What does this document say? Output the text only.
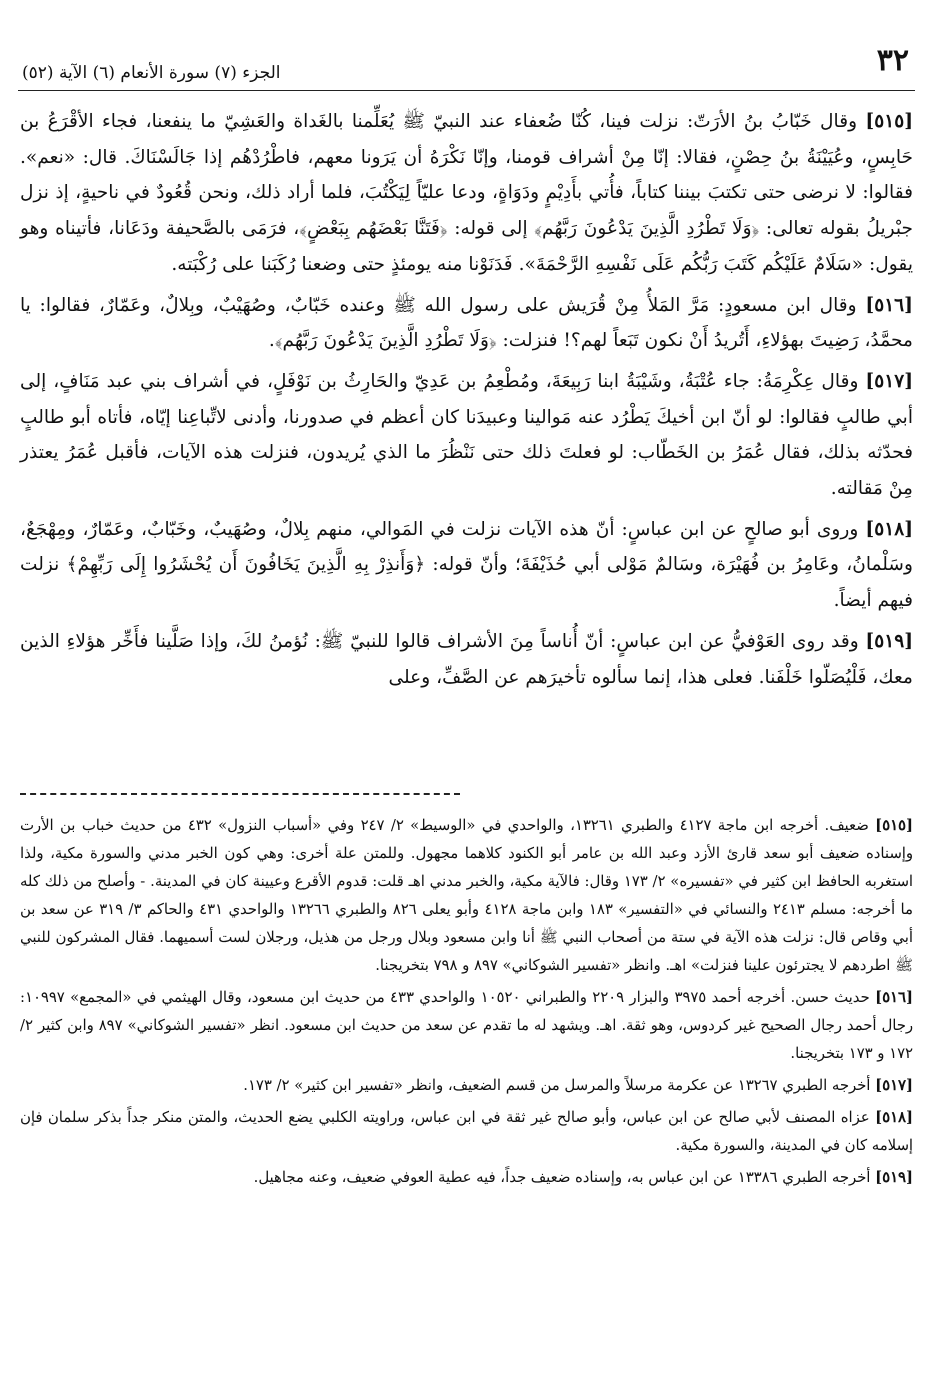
٣٢
الجزء (٧) سورة الأنعام (٦) الآية (٥٢)

[٥١٥] وقال خَبّابُ بنُ الأرَتّ: نزلت فينا، كُنّا ضُعفاء عند النبيّ ﷺ يُعَلِّمنا بالغَداة والعَشِيّ ما ينفعنا، فجاء الأقْرَعُ بن حَابِسٍ، وعُيَيْنَةُ بنُ حِصْنٍ، فقالا: إنّا مِنْ أشراف قومنا، وإنّا نَكْرَهُ أن يَرَونا معهم، فاطْرُدْهُم إذا جَالَسْنَاكَ. قال: «نعم». فقالوا: لا نرضى حتى تكتبَ بيننا كتاباً، فأُتي بأَدِيْمٍ ودَوَاةٍ، ودعا عليّاً لِيَكْتُبَ، فلما أراد ذلك، ونحن قُعُودٌ في ناحيةٍ، إذ نزل جبْريلُ بقوله تعالى: ﴿وَلَا تَطْرُدِ الَّذِينَ يَدْعُونَ رَبَّهُم﴾ إلى قوله: ﴿فَتَنَّا بَعْضَهُم بِبَعْضٍ﴾، فرَمَى بالصَّحيفة ودَعَانا، فأتيناه وهو يقول: «سَلَامٌ عَلَيْكُم كَتَبَ رَبُّكُم عَلَى نَفْسِهِ الرَّحْمَةَ». فَدَنَوْنا منه يومئذٍ حتى وضعنا رُكَبَنا على رُكْبَته.

[٥١٦] وقال ابن مسعودٍ: مَرَّ المَلأُ مِنْ قُرَيش على رسول الله ﷺ وعنده خَبّابٌ، وصُهَيْبٌ، وبِلالٌ، وعَمّارٌ، فقالوا: يا محمَّدُ، رَضِيتَ بهؤلاءِ، أَتُريدُ أَنْ نكون تَبَعاً لهم؟! فنزلت: ﴿وَلَا تَطْرُدِ الَّذِينَ يَدْعُونَ رَبَّهُم﴾.

[٥١٧] وقال عِكْرِمَةُ: جاء عُتْبَةُ، وشَيْبَةُ ابنا رَبِيعَةَ، ومُطْعِمُ بن عَدِيّ والحَارِثُ بن نَوْفَلٍ، في أشراف بني عبد مَنَافٍ، إلى أبي طالبٍ فقالوا: لو أنّ ابن أخيكَ يَطْرُد عنه مَوالينا وعبيدَنا كان أعظم في صدورنا، وأدنى لاتِّباعِنا إيّاه، فأتاه أبو طالبٍ فحدّثه بذلك، فقال عُمَرُ بن الخَطّاب: لو فعلتَ ذلك حتى نَنْظُرَ ما الذي يُريدون، فنزلت هذه الآيات، فأقبل عُمَرُ يعتذر مِنْ مَقالته.

[٥١٨] وروى أبو صالحٍ عن ابن عباسٍ: أنّ هذه الآيات نزلت في المَوالي، منهم بِلالٌ، وصُهَيبٌ، وخَبّابٌ، وعَمّارٌ، ومِهْجَعٌ، وسَلْمانُ، وعَامِرُ بن فُهَيْرَة، وسَالمٌ مَوْلى أبي حُذَيْفَةَ؛ وأنّ قوله: ﴿وَأَنذِرْ بِهِ الَّذِينَ يَخَافُونَ أَن يُحْشَرُوا إِلَى رَبِّهِمْ﴾ نزلت فيهم أيضاً.

[٥١٩] وقد روى العَوْفيُّ عن ابن عباسٍ: أنّ أُناساً مِنَ الأشراف قالوا للنبيّ ﷺ: نُؤمنُ لكَ، وإذا صَلَّينا فأَخِّر هؤلاءِ الذين معك، فَلْيُصَلّوا خَلْفَنا. فعلى هذا، إنما سألوه تأخيرَهم عن الصَّفِّ، وعلى

[٥١٥] ضعيف. أخرجه ابن ماجة ٤١٢٧ والطبري ١٣٢٦١، والواحدي في «الوسيط» ٢/ ٢٤٧ وفي «أسباب النزول» ٤٣٢ من حديث خباب بن الأرت وإسناده ضعيف أبو سعد قارئ الأزد وعبد الله بن عامر أبو الكنود كلاهما مجهول. وللمتن علة أخرى: وهي كون الخبر مدني والسورة مكية، ولذا استغربه الحافظ ابن كثير في «تفسيره» ٢/ ١٧٣ وقال: فالآية مكية، والخبر مدني اهـ قلت: قدوم الأقرع وعيينة كان في المدينة. - وأصلح من ذلك كله ما أخرجه: مسلم ٢٤١٣ والنسائي في «التفسير» ١٨٣ وابن ماجة ٤١٢٨ وأبو يعلى ٨٢٦ والطبري ١٣٢٦٦ والواحدي ٤٣١ والحاكم ٣/ ٣١٩ عن سعد بن أبي وقاص قال: نزلت هذه الآية في ستة من أصحاب النبي ﷺ أنا وابن مسعود وبلال ورجل من هذيل، ورجلان لست أسميهما. فقال المشركون للنبي ﷺ اطردهم لا يجترئون علينا فنزلت» اهـ. وانظر «تفسير الشوكاني» ٨٩٧ و ٧٩٨ بتخريجنا.

[٥١٦] حديث حسن. أخرجه أحمد ٣٩٧٥ والبزار ٢٢٠٩ والطبراني ١٠٥٢٠ والواحدي ٤٣٣ من حديث ابن مسعود، وقال الهيثمي في «المجمع» ١٠٩٩٧: رجال أحمد رجال الصحيح غير كردوس، وهو ثقة. اهـ. ويشهد له ما تقدم عن سعد من حديث ابن مسعود. انظر «تفسير الشوكاني» ٨٩٧ وابن كثير ٢/ ١٧٢ و ١٧٣ بتخريجنا.

[٥١٧] أخرجه الطبري ١٣٢٦٧ عن عكرمة مرسلاً والمرسل من قسم الضعيف، وانظر «تفسير ابن كثير» ٢/ ١٧٣.

[٥١٨] عزاه المصنف لأبي صالح عن ابن عباس، وأبو صالح غير ثقة في ابن عباس، وراويته الكلبي يضع الحديث، والمتن منكر جداً بذكر سلمان فإن إسلامه كان في المدينة، والسورة مكية.

[٥١٩] أخرجه الطبري ١٣٣٨٦ عن ابن عباس به، وإسناده ضعيف جداً، فيه عطية العوفي ضعيف، وعنه مجاهيل.
